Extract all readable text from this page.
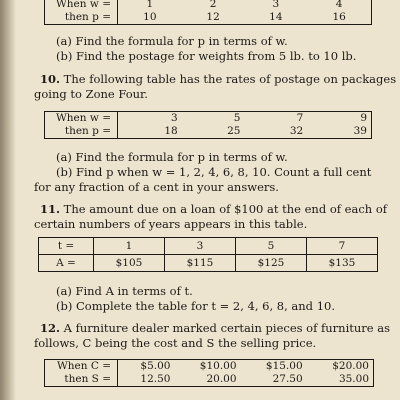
When w =	1	2	3	4
then p =	10	12	14	16
(a) Find the formula for p in terms of w.
(b) Find the postage for weights from 5 lb. to 10 lb.
10. The following table has the rates of postage on packages
going to Zone Four.
When w =	3	5	7	9
then p =	18	25	32	39
(a) Find the formula for p in terms of w.
(b) Find p when w = 1, 2, 4, 6, 8, 10. Count a full cent
for any fraction of a cent in your answers.
11. The amount due on a loan of $100 at the end of each of
certain numbers of years appears in this table.
t =	1	3	5	7
A =	$105	$115	$125	$135
(a) Find A in terms of t.
(b) Complete the table for t = 2, 4, 6, 8, and 10.
12. A furniture dealer marked certain pieces of furniture as
follows, C being the cost and S the selling price.
When C =	$5.00	$10.00	$15.00	$20.00
then S =	12.50	20.00	27.50	35.00
